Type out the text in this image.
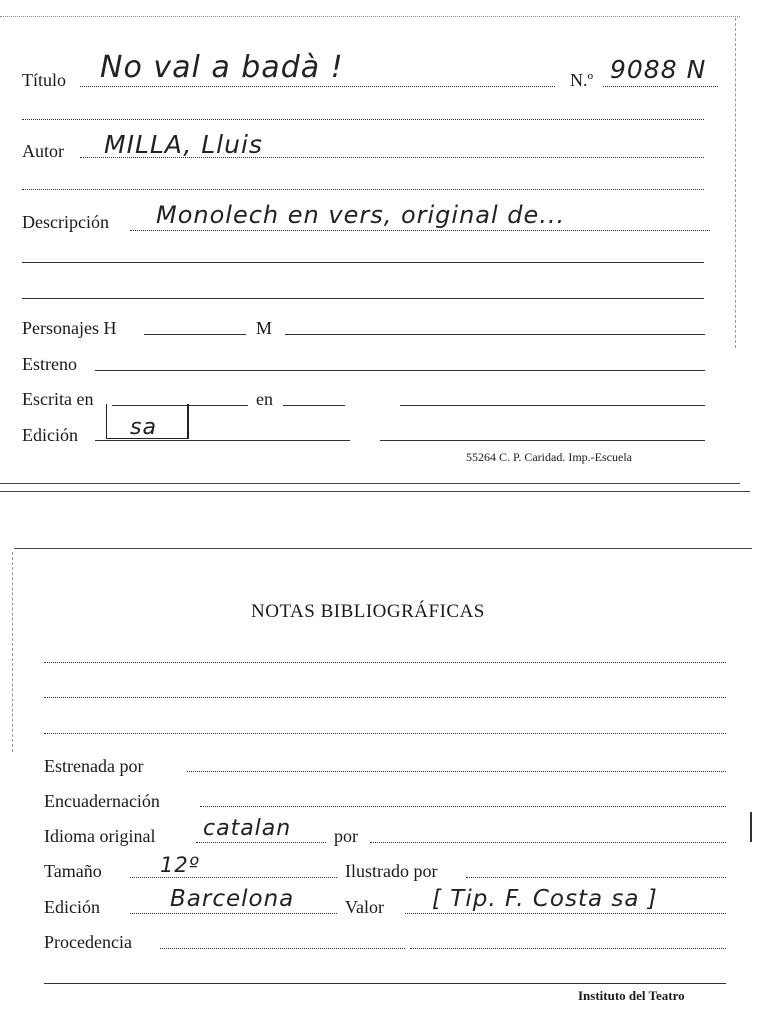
Título No val a badà !	N.º 9088 N
Autor MILLA, Lluis
Descripción Monolech en vers, original de...
Personajes H	M
Estreno
Escrita en	en
Edición sa
55264 C. P. Caridad. Imp.-Escuela
NOTAS BIBLIOGRÁFICAS
Estrenada por
Encuadernación
Idioma original catalan por
Tamaño	12º	Ilustrado por
Edición	Barcelona	Valor [ Tip. F. Costa sa ]
Procedencia
Instituto del Teatro
